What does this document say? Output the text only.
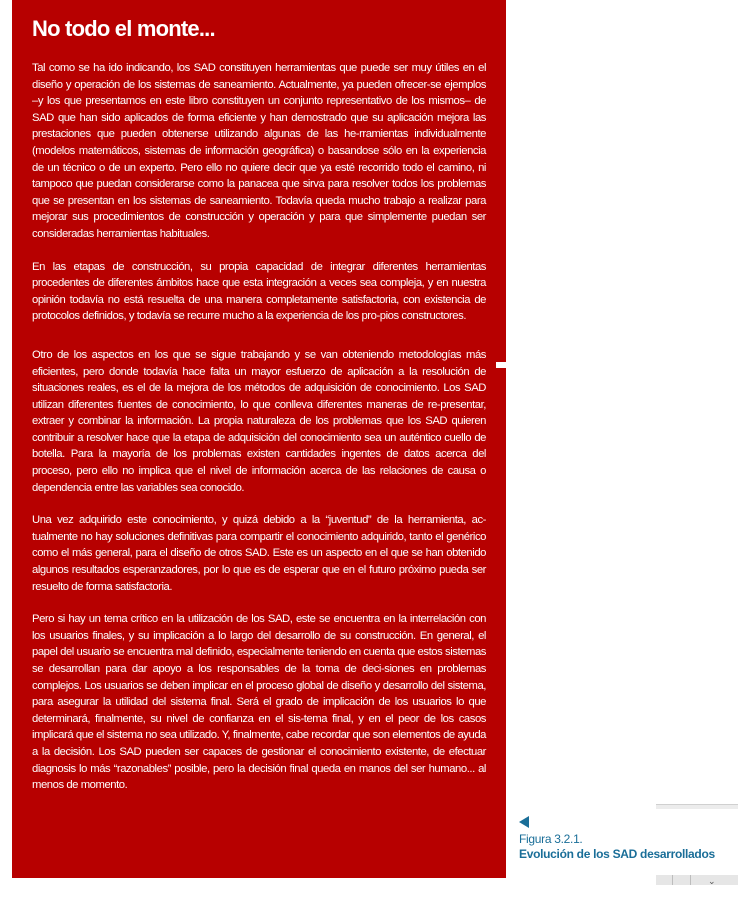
No todo el monte...

Tal como se ha ido indicando, los SAD constituyen herramientas que puede ser muy útiles en el diseño y operación de los sistemas de saneamiento. Actualmente, ya pueden ofrecer-se ejemplos –y los que presentamos en este libro constituyen un conjunto representativo de los mismos– de SAD que han sido aplicados de forma eficiente y han demostrado que su aplicación mejora las prestaciones que pueden obtenerse utilizando algunas de las he-rramientas individualmente (modelos matemáticos, sistemas de información geográfica) o basandose sólo en la experiencia de un técnico o de un experto. Pero ello no quiere decir que ya esté recorrido todo el camino, ni tampoco que puedan considerarse como la panacea que sirva para resolver todos los problemas que se presentan en los sistemas de saneamiento. Todavía queda mucho trabajo a realizar para mejorar sus procedimientos de construcción y operación y para que simplemente puedan ser consideradas herramientas habituales.

En las etapas de construcción, su propia capacidad de integrar diferentes herramientas procedentes de diferentes ámbitos hace que esta integración a veces sea compleja, y en nuestra opinión todavía no está resuelta de una manera completamente satisfactoria, con existencia de protocolos definidos, y todavía se recurre mucho a la experiencia de los pro-pios constructores.

Otro de los aspectos en los que se sigue trabajando y se van obteniendo metodologías más eficientes, pero donde todavía hace falta un mayor esfuerzo de aplicación a la resolución de situaciones reales, es el de la mejora de los métodos de adquisición de conocimiento. Los SAD utilizan diferentes fuentes de conocimiento, lo que conlleva diferentes maneras de re-presentar, extraer y combinar la información. La propia naturaleza de los problemas que los SAD quieren contribuir a resolver hace que la etapa de adquisición del conocimiento sea un auténtico cuello de botella. Para la mayoría de los problemas existen cantidades ingentes de datos acerca del proceso, pero ello no implica que el nivel de información acerca de las relaciones de causa o dependencia entre las variables sea conocido.

Una vez adquirido este conocimiento, y quizá debido a la “juventud” de la herramienta, ac-tualmente no hay soluciones definitivas para compartir el conocimiento adquirido, tanto el genérico como el más general, para el diseño de otros SAD. Este es un aspecto en el que se han obtenido algunos resultados esperanzadores, por lo que es de esperar que en el futuro próximo pueda ser resuelto de forma satisfactoria.

Pero si hay un tema crítico en la utilización de los SAD, este se encuentra en la interrelación con los usuarios finales, y su implicación a lo largo del desarrollo de su construcción. En general, el papel del usuario se encuentra mal definido, especialmente teniendo en cuenta que estos sistemas se desarrollan para dar apoyo a los responsables de la toma de deci-siones en problemas complejos. Los usuarios se deben implicar en el proceso global de diseño y desarrollo del sistema, para asegurar la utilidad del sistema final. Será el grado de implicación de los usuarios lo que determinará, finalmente, su nivel de confianza en el sis-tema final, y en el peor de los casos implicará que el sistema no sea utilizado. Y, finalmente, cabe recordar que son elementos de ayuda a la decisión. Los SAD pueden ser capaces de gestionar el conocimiento existente, de efectuar diagnosis lo más “razonables” posible, pero la decisión final queda en manos del ser humano... al menos de momento.

Figura 3.2.1.
Evolución de los SAD desarrollados
⌄
